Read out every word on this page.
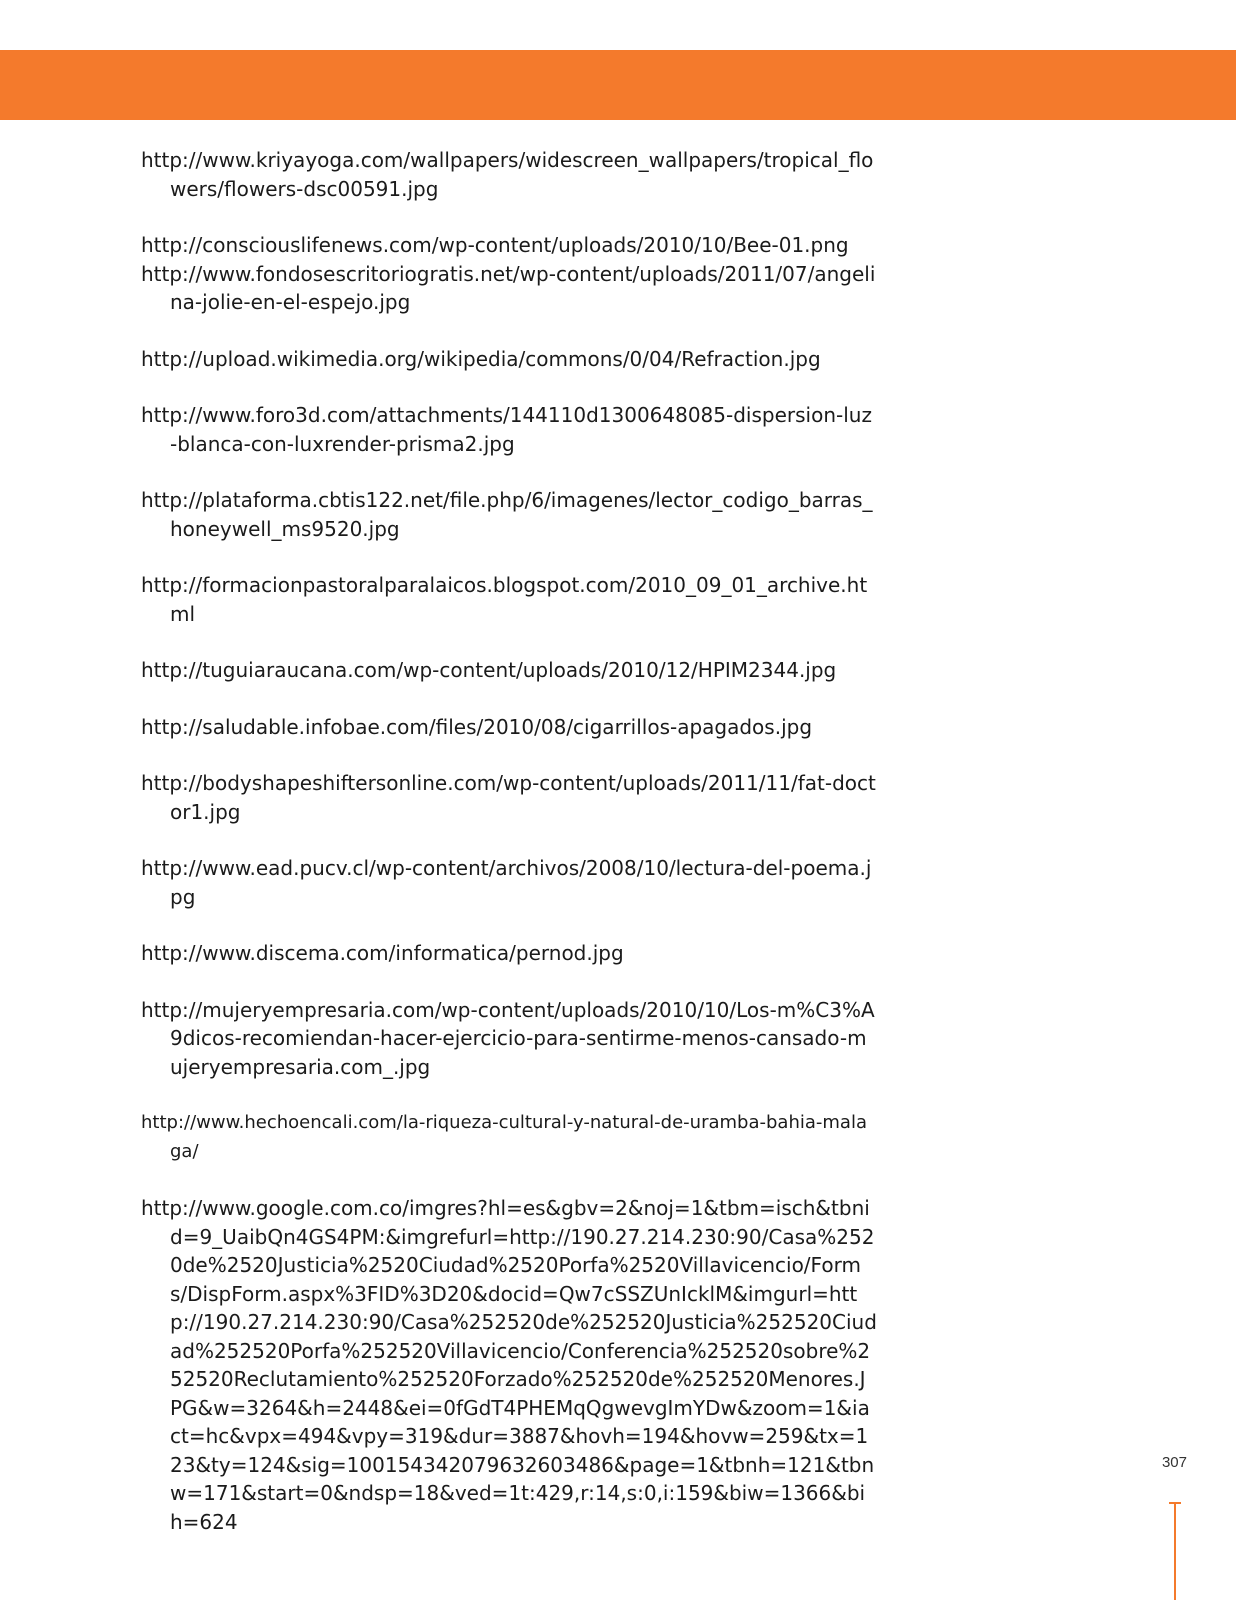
http://www.kriyayoga.com/wallpapers/widescreen_wallpapers/tropical_flowers/flowers-dsc00591.jpg

http://consciouslifenews.com/wp-content/uploads/2010/10/Bee-01.png

http://www.fondosescritoriogratis.net/wp-content/uploads/2011/07/angelina-jolie-en-el-espejo.jpg

http://upload.wikimedia.org/wikipedia/commons/0/04/Refraction.jpg

http://www.foro3d.com/attachments/144110d1300648085-dispersion-luz-blanca-con-luxrender-prisma2.jpg

http://plataforma.cbtis122.net/file.php/6/imagenes/lector_codigo_barras_honeywell_ms9520.jpg

http://formacionpastoralparalaicos.blogspot.com/2010_09_01_archive.html

http://tuguiaraucana.com/wp-content/uploads/2010/12/HPIM2344.jpg

http://saludable.infobae.com/files/2010/08/cigarrillos-apagados.jpg

http://bodyshapeshiftersonline.com/wp-content/uploads/2011/11/fat-doctor1.jpg

http://www.ead.pucv.cl/wp-content/archivos/2008/10/lectura-del-poema.jpg

http://www.discema.com/informatica/pernod.jpg

http://mujeryempresaria.com/wp-content/uploads/2010/10/Los-m%C3%A9dicos-recomiendan-hacer-ejercicio-para-sentirme-menos-cansado-mujeryempresaria.com_.jpg

http://www.hechoencali.com/la-riqueza-cultural-y-natural-de-uramba-bahia-malaga/

http://www.google.com.co/imgres?hl=es&gbv=2&noj=1&tbm=isch&tbnid=9_UaibQn4GS4PM:&imgrefurl=http://190.27.214.230:90/Casa%2520de%2520Justicia%2520Ciudad%2520Porfa%2520Villavicencio/Forms/DispForm.aspx%3FID%3D20&docid=Qw7cSSZUnIcklM&imgurl=http://190.27.214.230:90/Casa%252520de%252520Justicia%252520Ciudad%252520Porfa%252520Villavicencio/Conferencia%252520sobre%252520Reclutamiento%252520Forzado%252520de%252520Menores.JPG&w=3264&h=2448&ei=0fGdT4PHEMqQgwevgImYDw&zoom=1&iact=hc&vpx=494&vpy=319&dur=3887&hovh=194&hovw=259&tx=123&ty=124&sig=100154342079632603486&page=1&tbnh=121&tbnw=171&start=0&ndsp=18&ved=1t:429,r:14,s:0,i:159&biw=1366&bih=624

307
